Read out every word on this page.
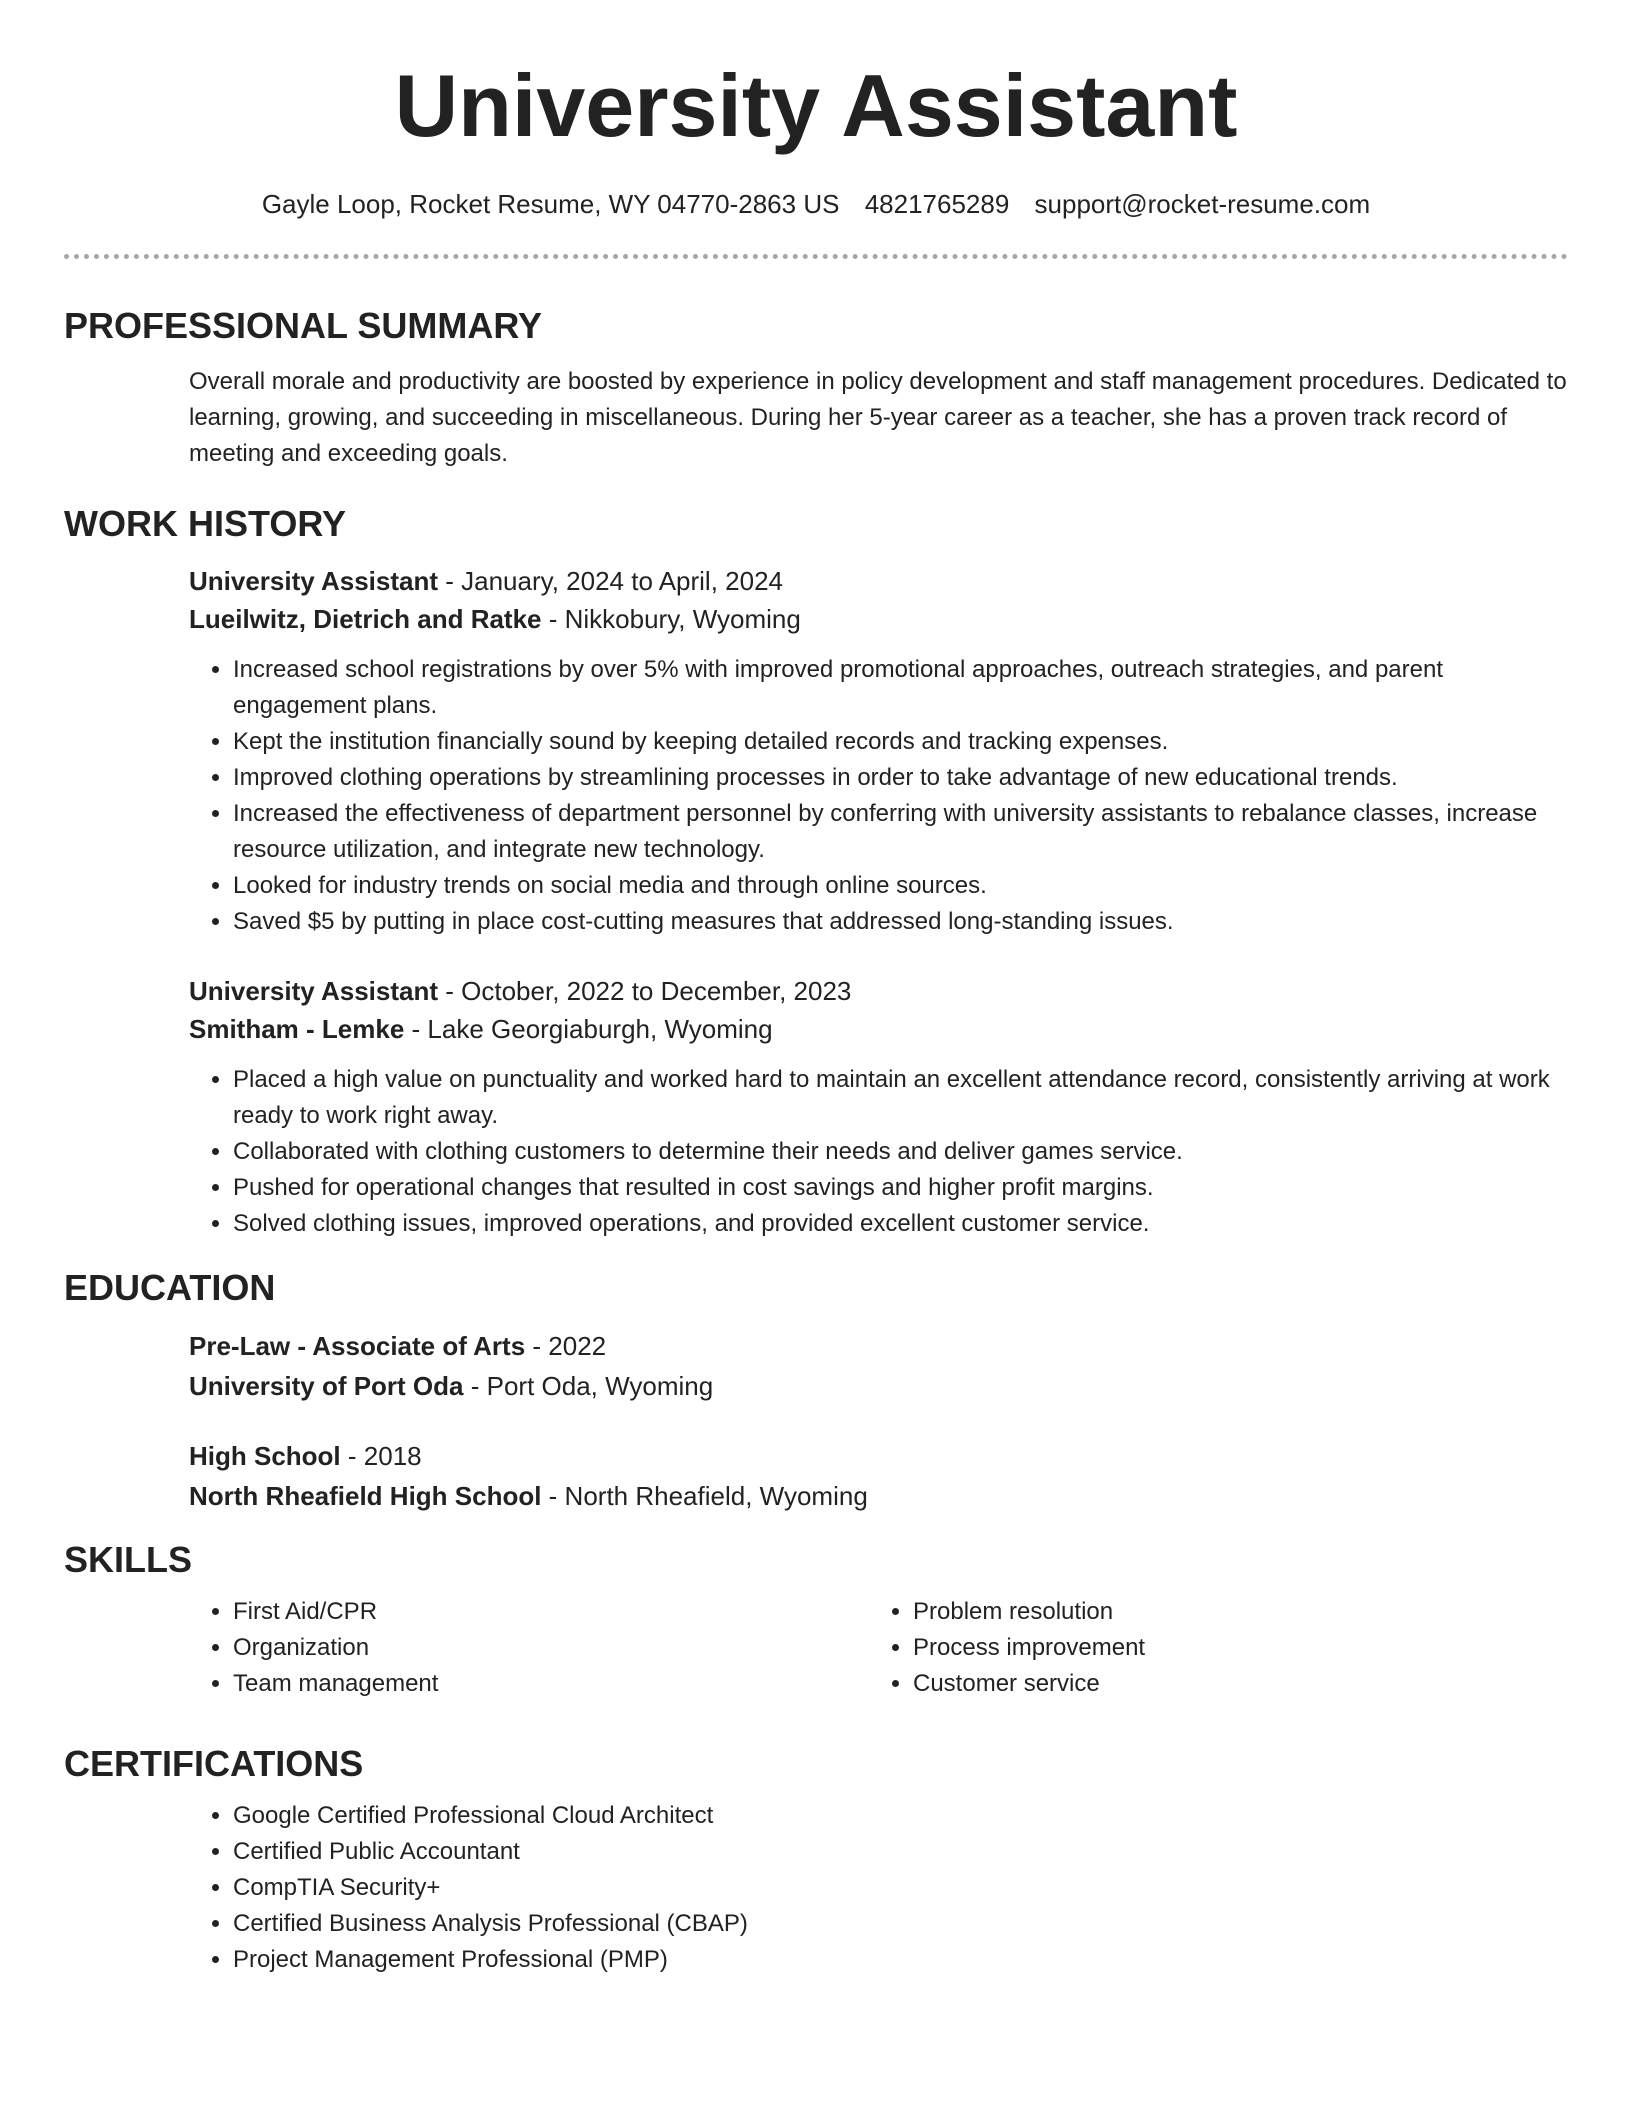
University Assistant
Gayle Loop, Rocket Resume, WY 04770-2863 US 4821765289 support@rocket-resume.com
PROFESSIONAL SUMMARY

Overall morale and productivity are boosted by experience in policy development and staff management procedures. Dedicated to learning, growing, and succeeding in miscellaneous. During her 5-year career as a teacher, she has a proven track record of meeting and exceeding goals.

WORK HISTORY
University Assistant - January, 2024 to April, 2024
Lueilwitz, Dietrich and Ratke - Nikkobury, Wyoming
• Increased school registrations by over 5% with improved promotional approaches, outreach strategies, and parent engagement plans.
• Kept the institution financially sound by keeping detailed records and tracking expenses.
• Improved clothing operations by streamlining processes in order to take advantage of new educational trends.
• Increased the effectiveness of department personnel by conferring with university assistants to rebalance classes, increase resource utilization, and integrate new technology.
• Looked for industry trends on social media and through online sources.
• Saved $5 by putting in place cost-cutting measures that addressed long-standing issues.
University Assistant - October, 2022 to December, 2023
Smitham - Lemke - Lake Georgiaburgh, Wyoming
• Placed a high value on punctuality and worked hard to maintain an excellent attendance record, consistently arriving at work ready to work right away.
• Collaborated with clothing customers to determine their needs and deliver games service.
• Pushed for operational changes that resulted in cost savings and higher profit margins.
• Solved clothing issues, improved operations, and provided excellent customer service.
EDUCATION
Pre-Law - Associate of Arts - 2022
University of Port Oda - Port Oda, Wyoming
High School - 2018
North Rheafield High School - North Rheafield, Wyoming
SKILLS
• First Aid/CPR
• Organization
• Team management
• Problem resolution
• Process improvement
• Customer service
CERTIFICATIONS
• Google Certified Professional Cloud Architect
• Certified Public Accountant
• CompTIA Security+
• Certified Business Analysis Professional (CBAP)
• Project Management Professional (PMP)
